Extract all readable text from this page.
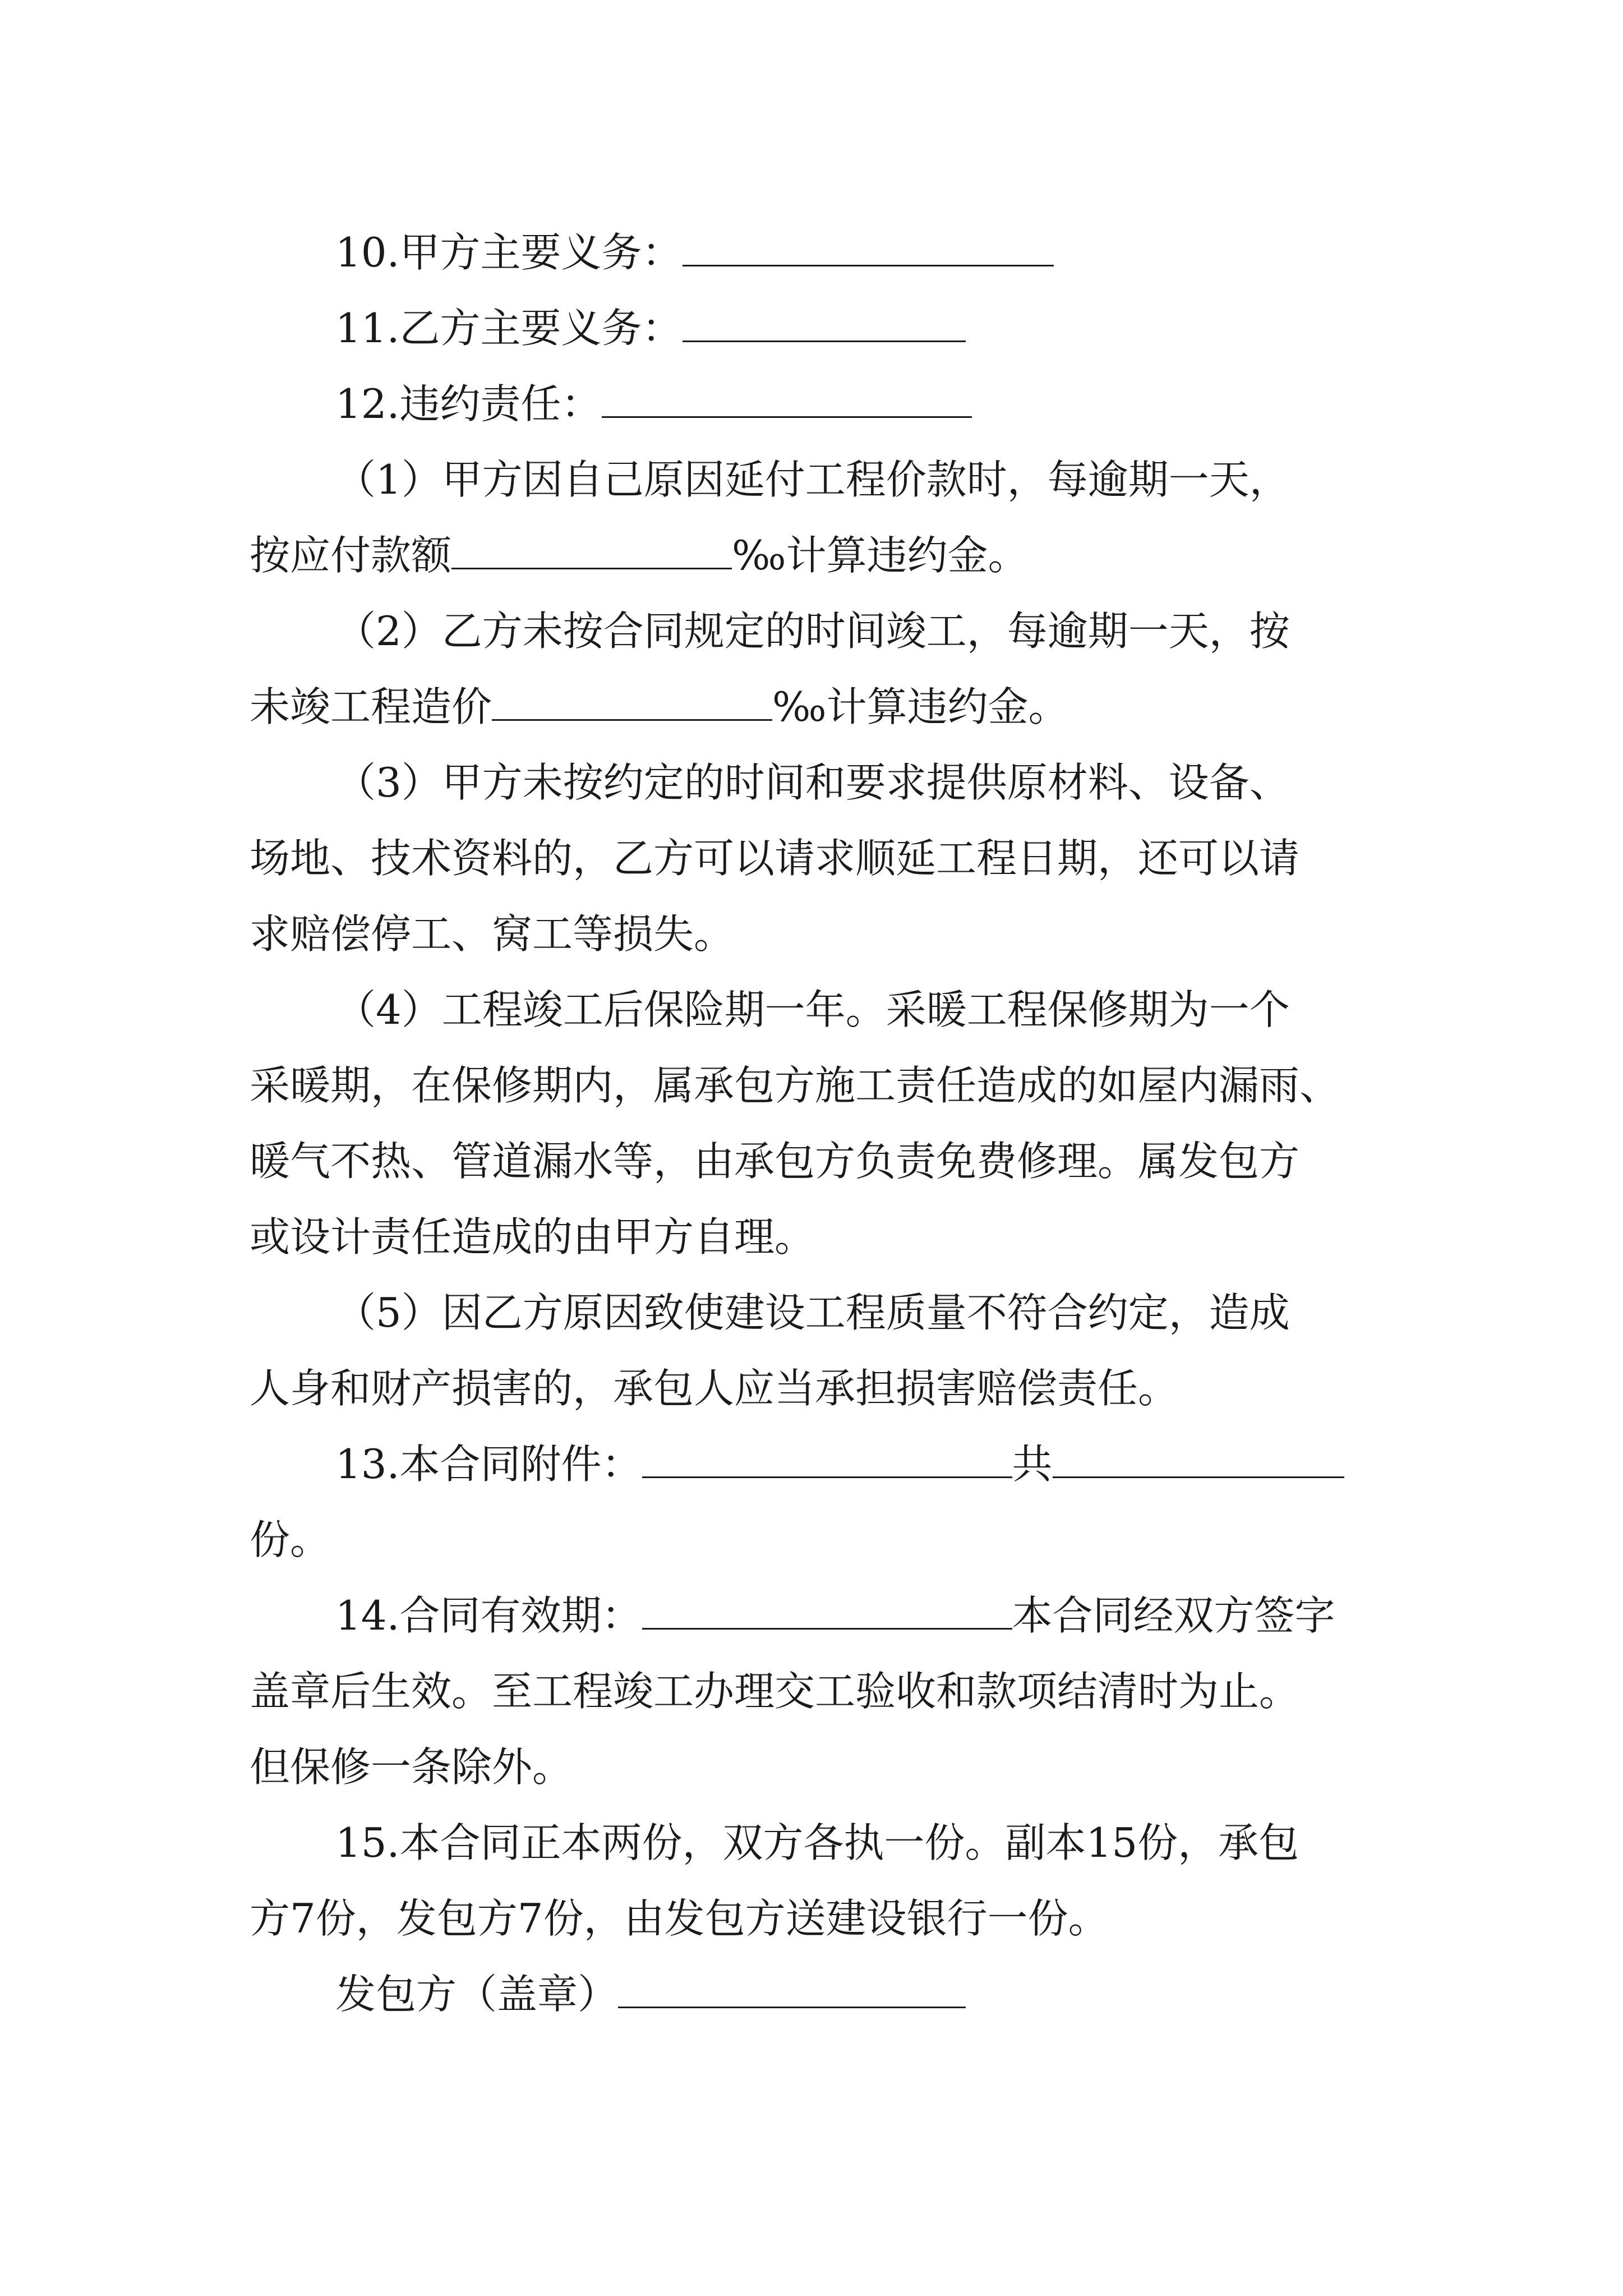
10.甲方主要义务：
11.乙方主要义务：
12.违约责任：
（1）甲方因自己原因延付工程价款时，每逾期一天，
按应付款额	‰计算违约金。
（2）乙方未按合同规定的时间竣工，每逾期一天，按
未竣工程造价	‰计算违约金。
（3）甲方未按约定的时间和要求提供原材料、设备、
场地、技术资料的，乙方可以请求顺延工程日期，还可以请
求赔偿停工、窝工等损失。
（4）工程竣工后保险期一年。采暖工程保修期为一个
采暖期，在保修期内，属承包方施工责任造成的如屋内漏雨、
暖气不热、管道漏水等，由承包方负责免费修理。属发包方
或设计责任造成的由甲方自理。
（5）因乙方原因致使建设工程质量不符合约定，造成
人身和财产损害的，承包人应当承担损害赔偿责任。
13.本合同附件：	共
份。
14.合同有效期：	本合同经双方签字
盖章后生效。至工程竣工办理交工验收和款项结清时为止。
但保修一条除外。
15.本合同正本两份，双方各执一份。副本15份，承包
方7份，发包方7份，由发包方送建设银行一份。
发包方（盖章）
